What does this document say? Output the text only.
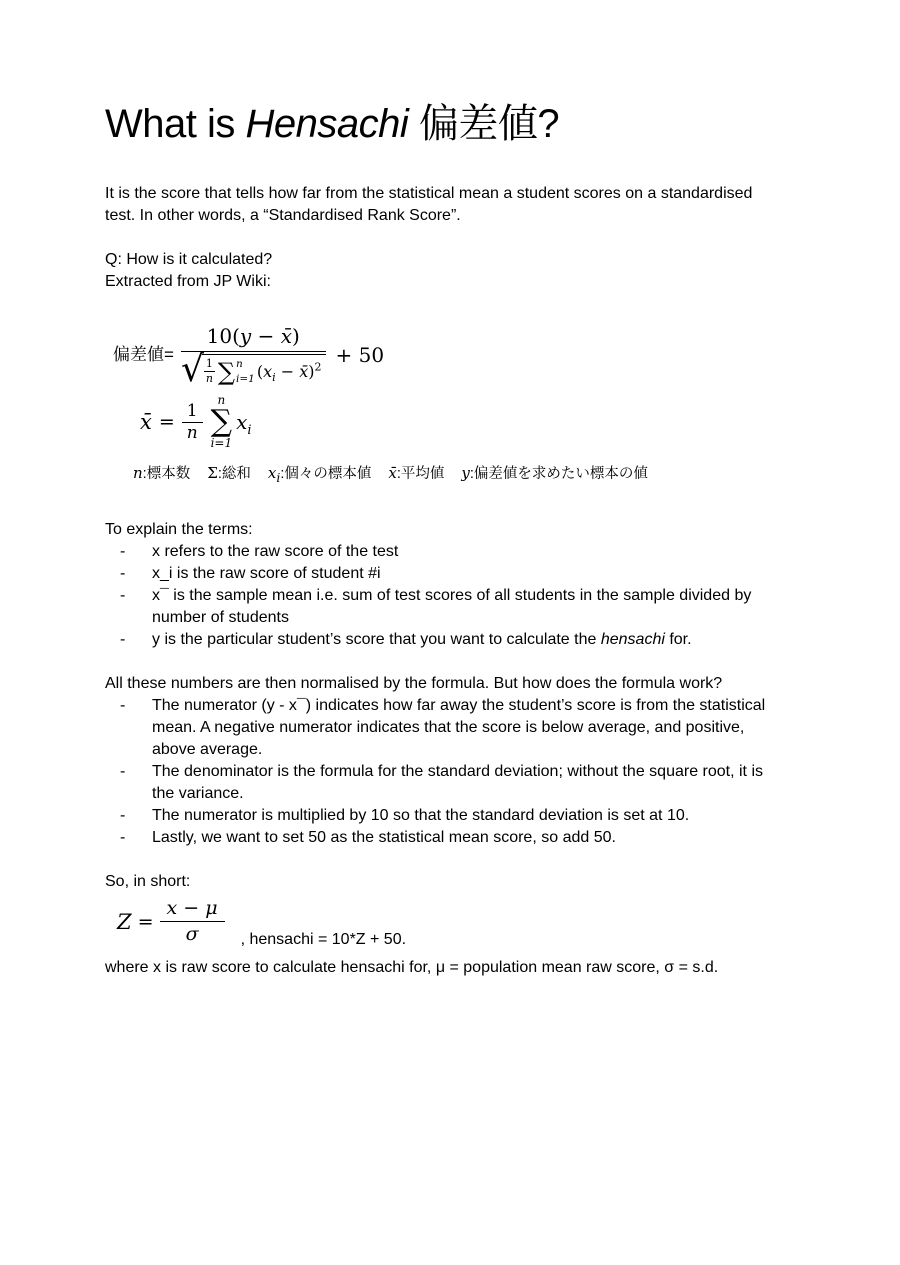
What is Hensachi 偏差値?

It is the score that tells how far from the statistical mean a student scores on a standardised test. In other words, a “Standardised Rank Score”.

Q: How is it calculated?

Extracted from JP Wiki:

偏差値=
10(y − x̄)
√ $\frac{1}{n}$ ∑ n
i=1 ($x_i$ − x̄)$^2$
+ 50
x̄ = $\frac{1}{n}$
n
∑
i=1
$x_i$
n:標本数 Σ:総和 $x_i$:個々の標本値 x̄:平均値 y:偏差値を求めたい標本の値

To explain the terms:

-	x refers to the raw score of the test
-	x_i is the raw score of student #i
-	x¯ is the sample mean i.e. sum of test scores of all students in the sample divided by number of students
-	y is the particular student’s score that you want to calculate the hensachi for.

All these numbers are then normalised by the formula. But how does the formula work?

-	The numerator (y - x¯) indicates how far away the student’s score is from the statistical mean. A negative numerator indicates that the score is below average, and positive, above average.
-	The denominator is the formula for the standard deviation; without the square root, it is the variance.
-	The numerator is multiplied by 10 so that the standard deviation is set at 10.
-	Lastly, we want to set 50 as the statistical mean score, so add 50.

So, in short:

$Z = \frac{x - \mu}{\sigma}$ , hensachi = 10*Z + 50.

where x is raw score to calculate hensachi for, μ = population mean raw score, σ = s.d.
